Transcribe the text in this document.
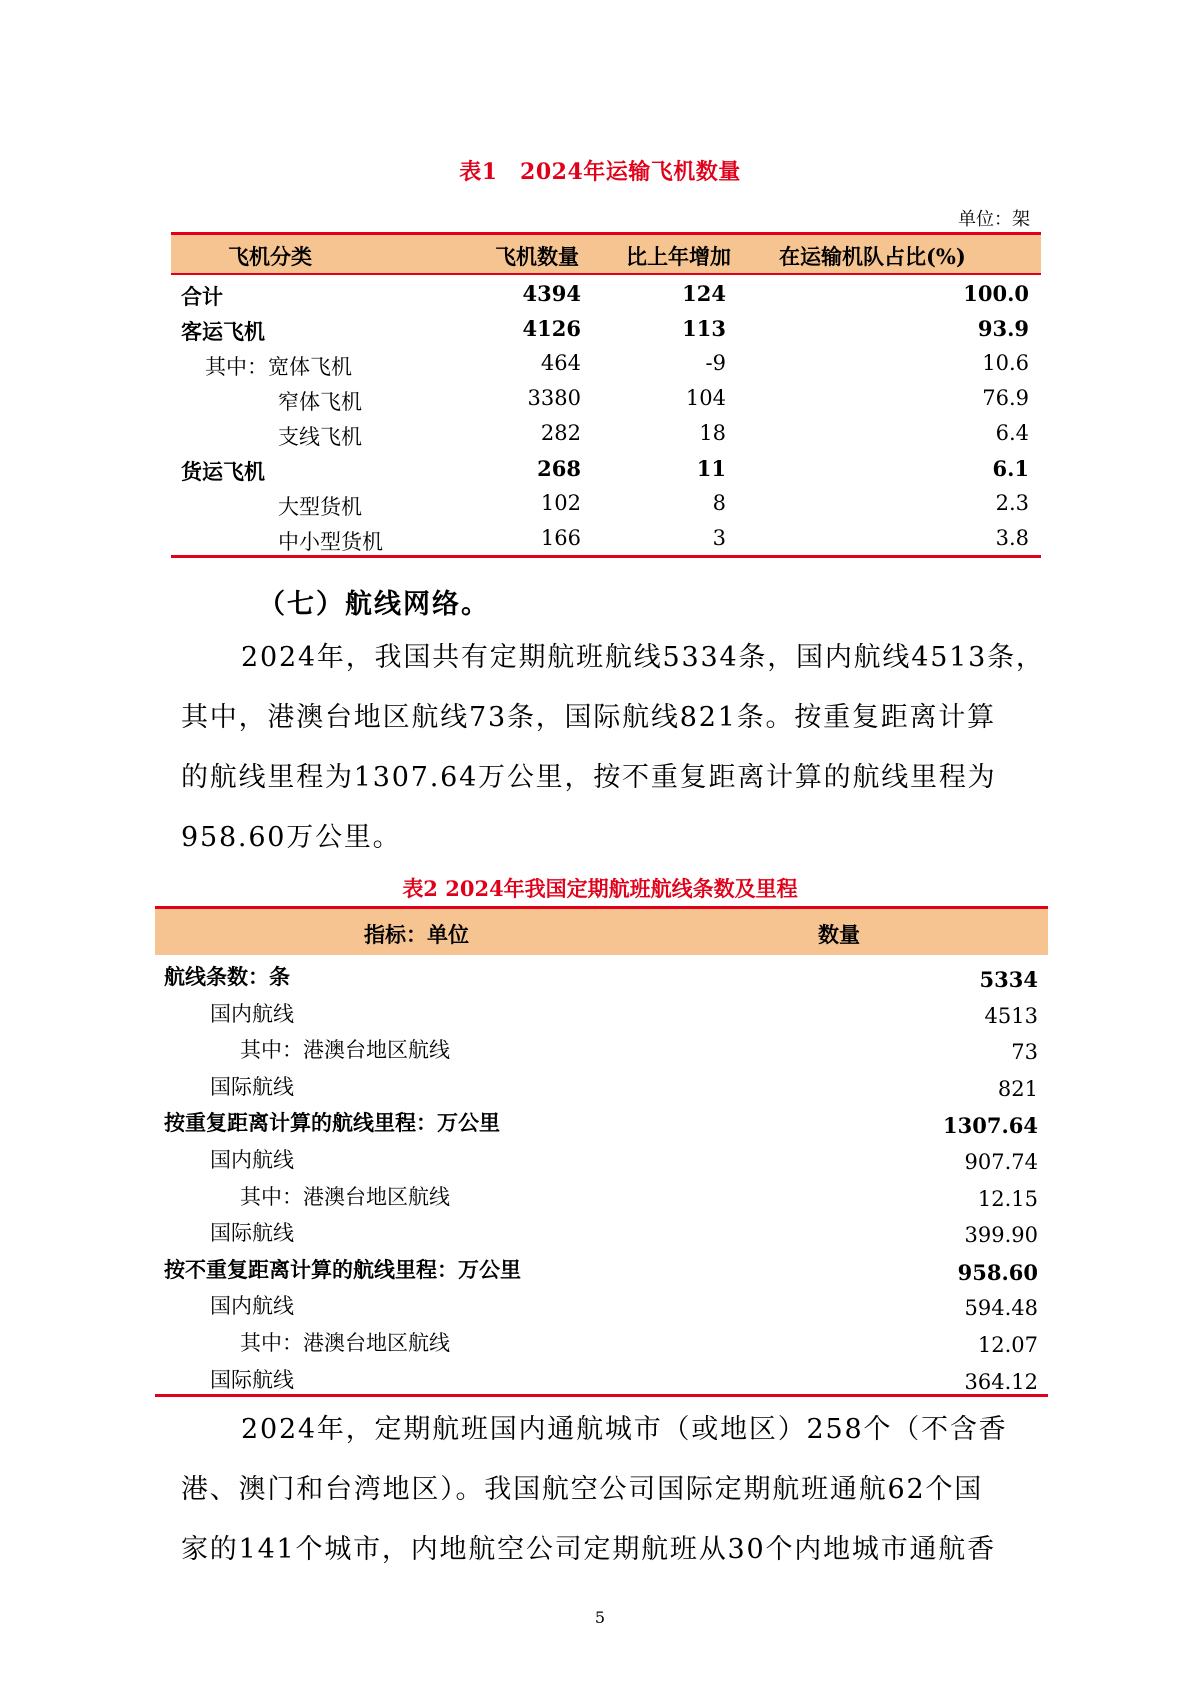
表1　2024年运输飞机数量
单位：架
飞机分类	飞机数量 比上年增加 在运输机队占比(%)
合计	4394	124	100.0
客运飞机	4126	113	93.9
其中：宽体飞机	464	-9	10.6
窄体飞机	3380	104	76.9
支线飞机	282	18	6.4
货运飞机	268	11	6.1
大型货机	102	8	2.3
中小型货机	166	3	3.8
（七）航线网络。
2024年，我国共有定期航班航线5334条，国内航线4513条，
其中，港澳台地区航线73条，国际航线821条。按重复距离计算
的航线里程为1307.64万公里，按不重复距离计算的航线里程为
958.60万公里。
表2 2024年我国定期航班航线条数及里程
指标：单位	数量
航线条数：条	5334
国内航线	4513
其中：港澳台地区航线	73
国际航线	821
按重复距离计算的航线里程：万公里	1307.64
国内航线	907.74
其中：港澳台地区航线	12.15
国际航线	399.90
按不重复距离计算的航线里程：万公里	958.60
国内航线	594.48
其中：港澳台地区航线	12.07
国际航线	364.12
2024年，定期航班国内通航城市（或地区）258个（不含香
港、澳门和台湾地区）。我国航空公司国际定期航班通航62个国
家的141个城市，内地航空公司定期航班从30个内地城市通航香
5
